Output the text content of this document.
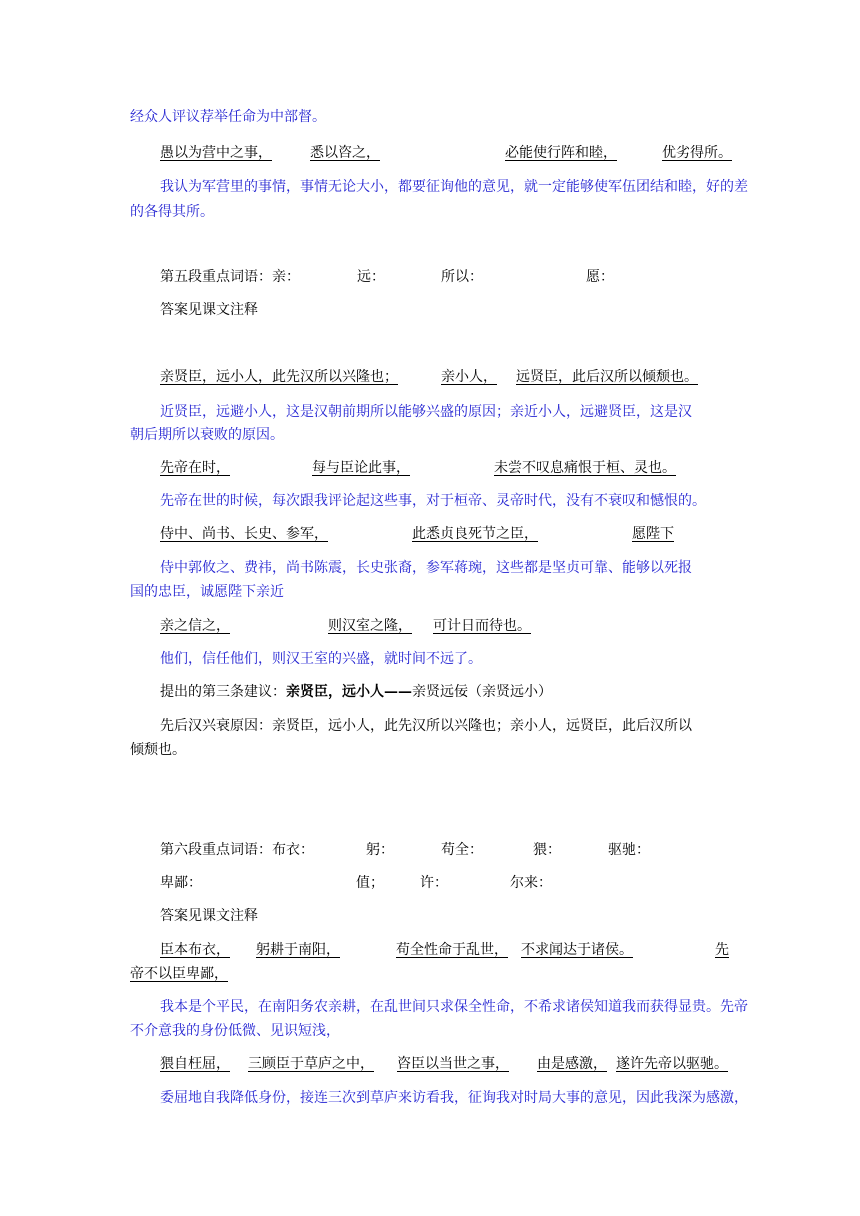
经众人评议荐举任命为中部督。
愚以为营中之事，	悉以咨之，	必能使行阵和睦，	优劣得所。
我认为军营里的事情，事情无论大小，都要征询他的意见，就一定能够使军伍团结和睦，好的差
的各得其所。
第五段重点词语：亲：	远：	所以：	愿：
答案见课文注释
亲贤臣，远小人，此先汉所以兴隆也；	亲小人， 远贤臣，此后汉所以倾颓也。
近贤臣，远避小人，这是汉朝前期所以能够兴盛的原因；亲近小人，远避贤臣，这是汉
朝后期所以衰败的原因。
先帝在时，	每与臣论此事，	未尝不叹息痛恨于桓、灵也。
先帝在世的时候，每次跟我评论起这些事，对于桓帝、灵帝时代，没有不衰叹和憾恨的。
侍中、尚书、长史、参军，	此悉贞良死节之臣，	愿陛下
侍中郭攸之、费祎，尚书陈震，长史张裔，参军蒋琬，这些都是坚贞可靠、能够以死报
国的忠臣，诚愿陛下亲近
亲之信之，	则汉室之隆， 可计日而待也。
他们，信任他们，则汉王室的兴盛，就时间不远了。
提出的第三条建议：亲贤臣，远小人——亲贤远佞（亲贤远小）
先后汉兴衰原因：亲贤臣，远小人，此先汉所以兴隆也；亲小人，远贤臣，此后汉所以
倾颓也。
第六段重点词语：布衣：	躬：	苟全：	猥：	驱驰：
卑鄙：	值；	许：	尔来：
答案见课文注释
臣本布衣， 躬耕于南阳，	苟全性命于乱世， 不求闻达于诸侯。	先
帝不以臣卑鄙，
我本是个平民，在南阳务农亲耕，在乱世间只求保全性命，不希求诸侯知道我而获得显贵。先帝
不介意我的身份低微、见识短浅，
猥自枉屈， 三顾臣于草庐之中， 咨臣以当世之事， 由是感激， 遂许先帝以驱驰。
委屈地自我降低身份，接连三次到草庐来访看我，征询我对时局大事的意见，因此我深为感激，
